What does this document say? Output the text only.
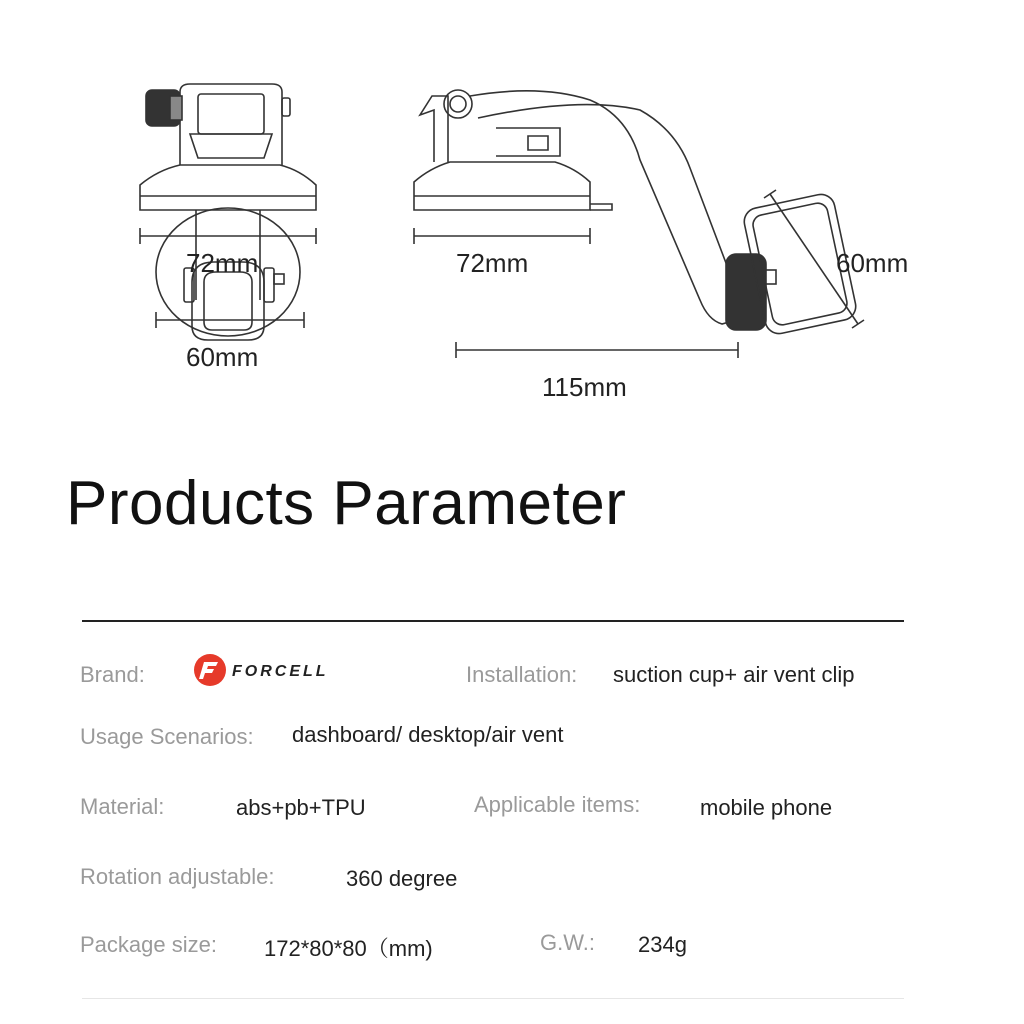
72mm
60mm
72mm
115mm
60mm
Products Parameter
Brand:	FORCELL	Installation: suction cup+ air vent clip
Usage Scenarios: dashboard/ desktop/air vent
Material:	abs+pb+TPU	Applicable items:	mobile phone
Rotation adjustable:	360 degree
Package size: 172*80*80（mm)	G.W.: 234g
